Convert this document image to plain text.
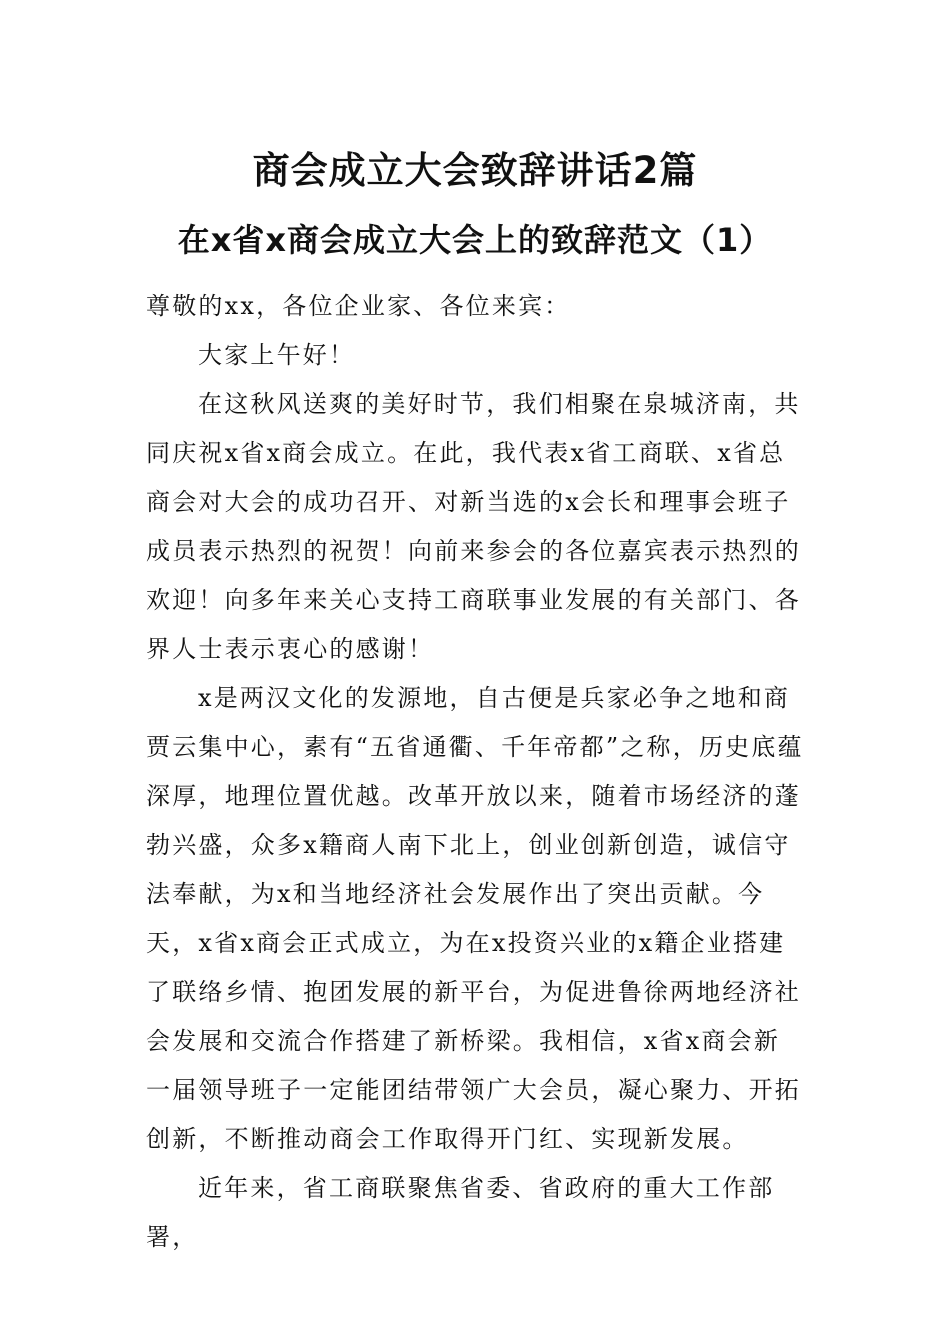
商会成立大会致辞讲话2篇
在x省x商会成立大会上的致辞范文（1）

尊敬的xx，各位企业家、各位来宾：

大家上午好！

在这秋风送爽的美好时节，我们相聚在泉城济南，共同庆祝x省x商会成立。在此，我代表x省工商联、x省总商会对大会的成功召开、对新当选的x会长和理事会班子成员表示热烈的祝贺！向前来参会的各位嘉宾表示热烈的欢迎！向多年来关心支持工商联事业发展的有关部门、各界人士表示衷心的感谢！

x是两汉文化的发源地，自古便是兵家必争之地和商贾云集中心，素有“五省通衢、千年帝都”之称，历史底蕴深厚，地理位置优越。改革开放以来，随着市场经济的蓬勃兴盛，众多x籍商人南下北上，创业创新创造，诚信守法奉献，为x和当地经济社会发展作出了突出贡献。今天，x省x商会正式成立，为在x投资兴业的x籍企业搭建了联络乡情、抱团发展的新平台，为促进鲁徐两地经济社会发展和交流合作搭建了新桥梁。我相信，x省x商会新一届领导班子一定能团结带领广大会员，凝心聚力、开拓创新，不断推动商会工作取得开门红、实现新发展。

近年来，省工商联聚焦省委、省政府的重大工作部署，
